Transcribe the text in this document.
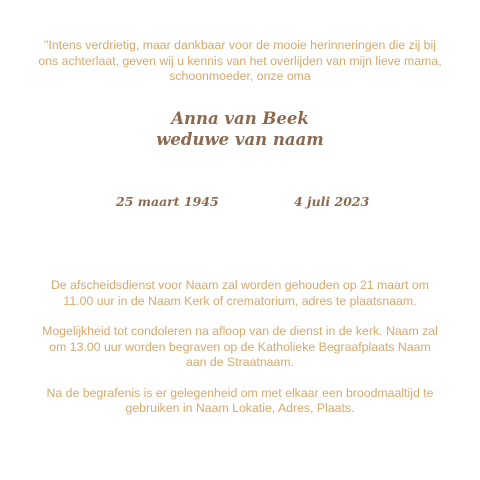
"Intens verdrietig, maar dankbaar voor de mooie herinneringen die zij bij ons achterlaat, geven wij u kennis van het overlijden van mijn lieve mama, schoonmoeder, onze oma

Anna van Beek
weduwe van naam
25 maart 1945	4 juli 2023

De afscheidsdienst voor Naam zal worden gehouden op 21 maart om 11.00 uur in de Naam Kerk of crematorium, adres te plaatsnaam.

Mogelijkheid tot condoleren na afloop van de dienst in de kerk. Naam zal om 13.00 uur worden begraven op de Katholieke Begraafplaats Naam aan de Straatnaam.

Na de begrafenis is er gelegenheid om met elkaar een broodmaaltijd te gebruiken in Naam Lokatie, Adres, Plaats.
